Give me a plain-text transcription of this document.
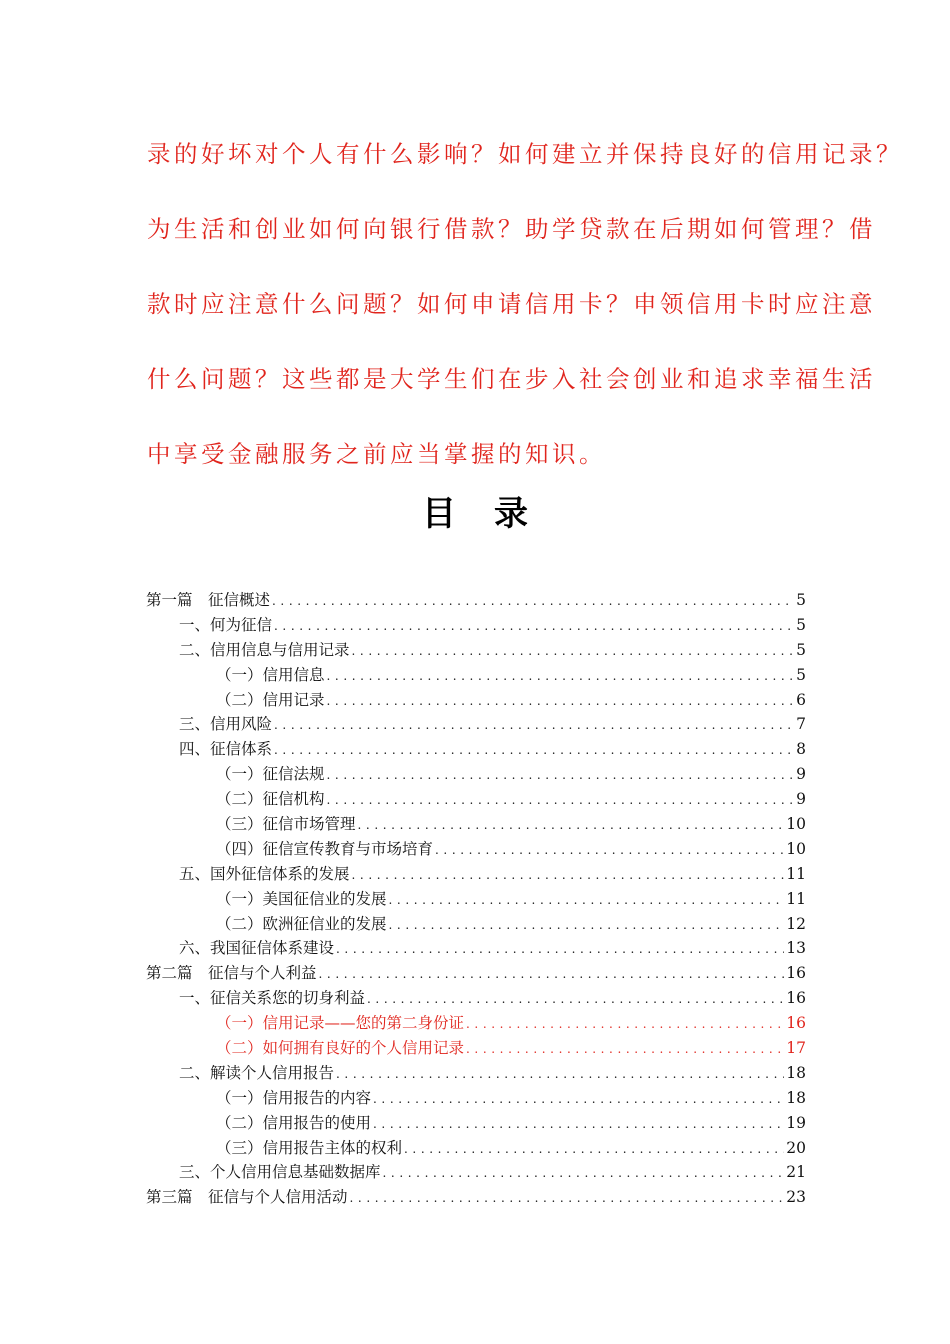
录的好坏对个人有什么影响？如何建立并保持良好的信用记录？
为生活和创业如何向银行借款？助学贷款在后期如何管理？借
款时应注意什么问题？如何申请信用卡？申领信用卡时应注意
什么问题？这些都是大学生们在步入社会创业和追求幸福生活
中享受金融服务之前应当掌握的知识。
目 录
第一篇　征信概述 .....	5
一、何为征信 .....	5
二、信用信息与信用记录 .....	5
（一）信用信息 .....	5
（二）信用记录 .....	6
三、信用风险 .....	7
四、征信体系 .....	8
（一）征信法规 .....	9
（二）征信机构 .....	9
（三）征信市场管理 .....	10
（四）征信宣传教育与市场培育 .....	10
五、国外征信体系的发展 .....	11
（一）美国征信业的发展 .....	11
（二）欧洲征信业的发展 .....	12
六、我国征信体系建设 .....	13
第二篇　征信与个人利益 .....	16
一、征信关系您的切身利益 .....	16
（一）信用记录——您的第二身份证 .....	16
（二）如何拥有良好的个人信用记录 .....	17
二、解读个人信用报告 .....	18
（一）信用报告的内容 .....	18
（二）信用报告的使用 .....	19
（三）信用报告主体的权利 .....	20
三、个人信用信息基础数据库 .....	21
第三篇　征信与个人信用活动 .....	23
